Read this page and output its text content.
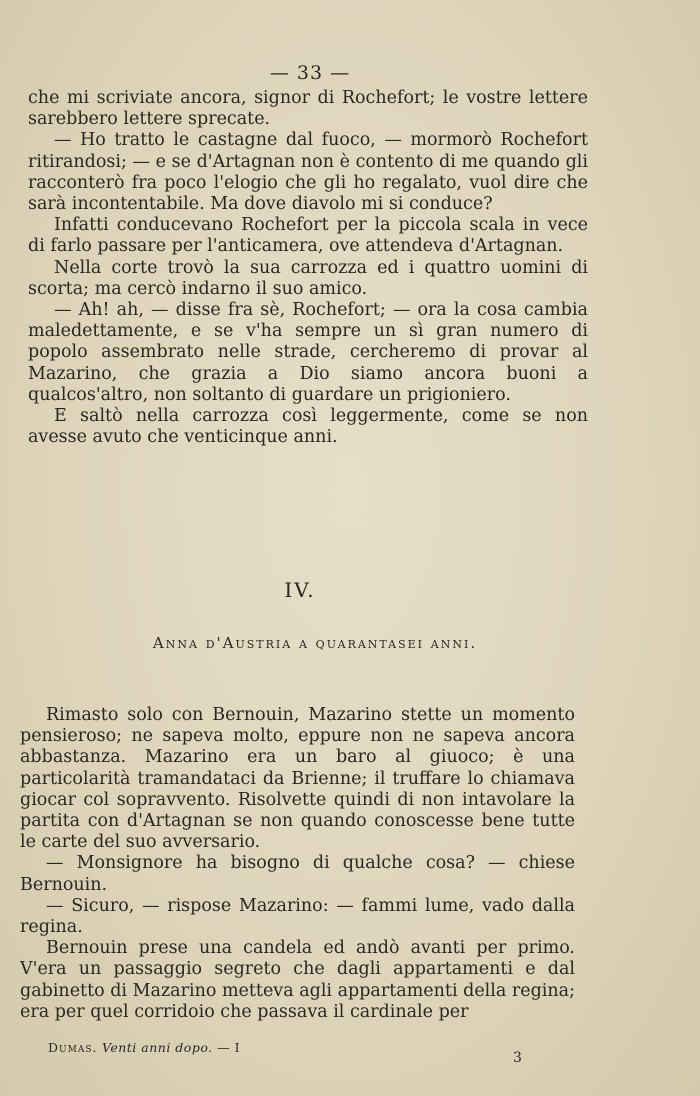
— 33 —

che mi scriviate ancora, signor di Rochefort; le vostre lettere sarebbero lettere sprecate.

— Ho tratto le castagne dal fuoco, — mormorò Rochefort ritirandosi; — e se d'Artagnan non è contento di me quando gli racconterò fra poco l'elogio che gli ho regalato, vuol dire che sarà incontentabile. Ma dove diavolo mi si conduce?

Infatti conducevano Rochefort per la piccola scala in vece di farlo passare per l'anticamera, ove attendeva d'Artagnan.

Nella corte trovò la sua carrozza ed i quattro uomini di scorta; ma cercò indarno il suo amico.

— Ah! ah, — disse fra sè, Rochefort; — ora la cosa cambia maledettamente, e se v'ha sempre un sì gran numero di popolo assembrato nelle strade, cercheremo di provar al Mazarino, che grazia a Dio siamo ancora buoni a qualcos'altro, non soltanto di guardare un prigioniero.

E saltò nella carrozza così leggermente, come se non avesse avuto che venticinque anni.

IV.
Anna d'Austria a quarantasei anni.

Rimasto solo con Bernouin, Mazarino stette un momento pensieroso; ne sapeva molto, eppure non ne sapeva ancora abbastanza. Mazarino era un baro al giuoco; è una particolarità tramandataci da Brienne; il truffare lo chiamava giocar col sopravvento. Risolvette quindi di non intavolare la partita con d'Artagnan se non quando conoscesse bene tutte le carte del suo avversario.

— Monsignore ha bisogno di qualche cosa? — chiese Bernouin.

— Sicuro, — rispose Mazarino: — fammi lume, vado dalla regina.

Bernouin prese una candela ed andò avanti per primo. V'era un passaggio segreto che dagli appartamenti e dal gabinetto di Mazarino metteva agli appartamenti della regina; era per quel corridoio che passava il cardinale per

Dumas. Venti anni dopo. — I
3
